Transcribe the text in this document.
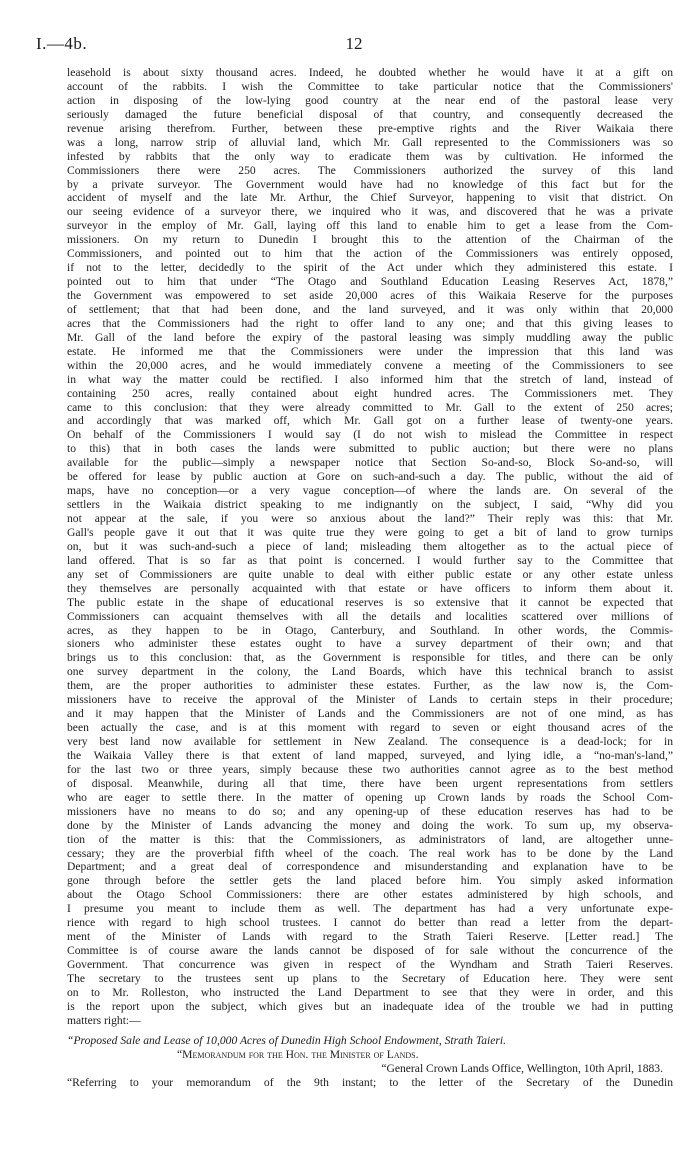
I.—4b.	12
leasehold is about sixty thousand acres. Indeed, he doubted whether he would have it at a gift on
account of the rabbits. I wish the Committee to take particular notice that the Commissioners'
action in disposing of the low-lying good country at the near end of the pastoral lease very
seriously damaged the future beneficial disposal of that country, and consequently decreased the
revenue arising therefrom. Further, between these pre-emptive rights and the River Waikaia there
was a long, narrow strip of alluvial land, which Mr. Gall represented to the Commissioners was so
infested by rabbits that the only way to eradicate them was by cultivation. He informed the
Commissioners there were 250 acres. The Commissioners authorized the survey of this land
by a private surveyor. The Government would have had no knowledge of this fact but for the
accident of myself and the late Mr. Arthur, the Chief Surveyor, happening to visit that district. On
our seeing evidence of a surveyor there, we inquired who it was, and discovered that he was a private
surveyor in the employ of Mr. Gall, laying off this land to enable him to get a lease from the Com-
missioners. On my return to Dunedin I brought this to the attention of the Chairman of the
Commissioners, and pointed out to him that the action of the Commissioners was entirely opposed,
if not to the letter, decidedly to the spirit of the Act under which they administered this estate. I
pointed out to him that under “The Otago and Southland Education Leasing Reserves Act, 1878,”
the Government was empowered to set aside 20,000 acres of this Waikaia Reserve for the purposes
of settlement; that that had been done, and the land surveyed, and it was only within that 20,000
acres that the Commissioners had the right to offer land to any one; and that this giving leases to
Mr. Gall of the land before the expiry of the pastoral leasing was simply muddling away the public
estate. He informed me that the Commissioners were under the impression that this land was
within the 20,000 acres, and he would immediately convene a meeting of the Commissioners to see
in what way the matter could be rectified. I also informed him that the stretch of land, instead of
containing 250 acres, really contained about eight hundred acres. The Commissioners met. They
came to this conclusion: that they were already committed to Mr. Gall to the extent of 250 acres;
and accordingly that was marked off, which Mr. Gall got on a further lease of twenty-one years.
On behalf of the Commissioners I would say (I do not wish to mislead the Committee in respect
to this) that in both cases the lands were submitted to public auction; but there were no plans
available for the public—simply a newspaper notice that Section So-and-so, Block So-and-so, will
be offered for lease by public auction at Gore on such-and-such a day. The public, without the aid of
maps, have no conception—or a very vague conception—of where the lands are. On several of the
settlers in the Waikaia district speaking to me indignantly on the subject, I said, “Why did you
not appear at the sale, if you were so anxious about the land?” Their reply was this: that Mr.
Gall's people gave it out that it was quite true they were going to get a bit of land to grow turnips
on, but it was such-and-such a piece of land; misleading them altogether as to the actual piece of
land offered. That is so far as that point is concerned. I would further say to the Committee that
any set of Commissioners are quite unable to deal with either public estate or any other estate unless
they themselves are personally acquainted with that estate or have officers to inform them about it.
The public estate in the shape of educational reserves is so extensive that it cannot be expected that
Commissioners can acquaint themselves with all the details and localities scattered over millions of
acres, as they happen to be in Otago, Canterbury, and Southland. In other words, the Commis-
sioners who administer these estates ought to have a survey department of their own; and that
brings us to this conclusion: that, as the Government is responsible for titles, and there can be only
one survey department in the colony, the Land Boards, which have this technical branch to assist
them, are the proper authorities to administer these estates. Further, as the law now is, the Com-
missioners have to receive the approval of the Minister of Lands to certain steps in their procedure;
and it may happen that the Minister of Lands and the Commissioners are not of one mind, as has
been actually the case, and is at this moment with regard to seven or eight thousand acres of the
very best land now available for settlement in New Zealand. The consequence is a dead-lock; for in
the Waikaia Valley there is that extent of land mapped, surveyed, and lying idle, a “no-man's-land,”
for the last two or three years, simply because these two authorities cannot agree as to the best method
of disposal. Meanwhile, during all that time, there have been urgent representations from settlers
who are eager to settle there. In the matter of opening up Crown lands by roads the School Com-
missioners have no means to do so; and any opening-up of these education reserves has had to be
done by the Minister of Lands advancing the money and doing the work. To sum up, my observa-
tion of the matter is this: that the Commissioners, as administrators of land, are altogether unne-
cessary; they are the proverbial fifth wheel of the coach. The real work has to be done by the Land
Department; and a great deal of correspondence and misunderstanding and explanation have to be
gone through before the settler gets the land placed before him. You simply asked information
about the Otago School Commissioners: there are other estates administered by high schools, and
I presume you meant to include them as well. The department has had a very unfortunate expe-
rience with regard to high school trustees. I cannot do better than read a letter from the depart-
ment of the Minister of Lands with regard to the Strath Taieri Reserve. [Letter read.] The
Committee is of course aware the lands cannot be disposed of for sale without the concurrence of the
Government. That concurrence was given in respect of the Wyndham and Strath Taieri Reserves.
The secretary to the trustees sent up plans to the Secretary of Education here. They were sent
on to Mr. Rolleston, who instructed the Land Department to see that they were in order, and this
is the report upon the subject, which gives but an inadequate idea of the trouble we had in putting
matters right:—
“Proposed Sale and Lease of 10,000 Acres of Dunedin High School Endowment, Strath Taieri.
“Memorandum for the Hon. the Minister of Lands.
“General Crown Lands Office, Wellington, 10th April, 1883.
“Referring to your memorandum of the 9th instant; to the letter of the Secretary of the Dunedin
